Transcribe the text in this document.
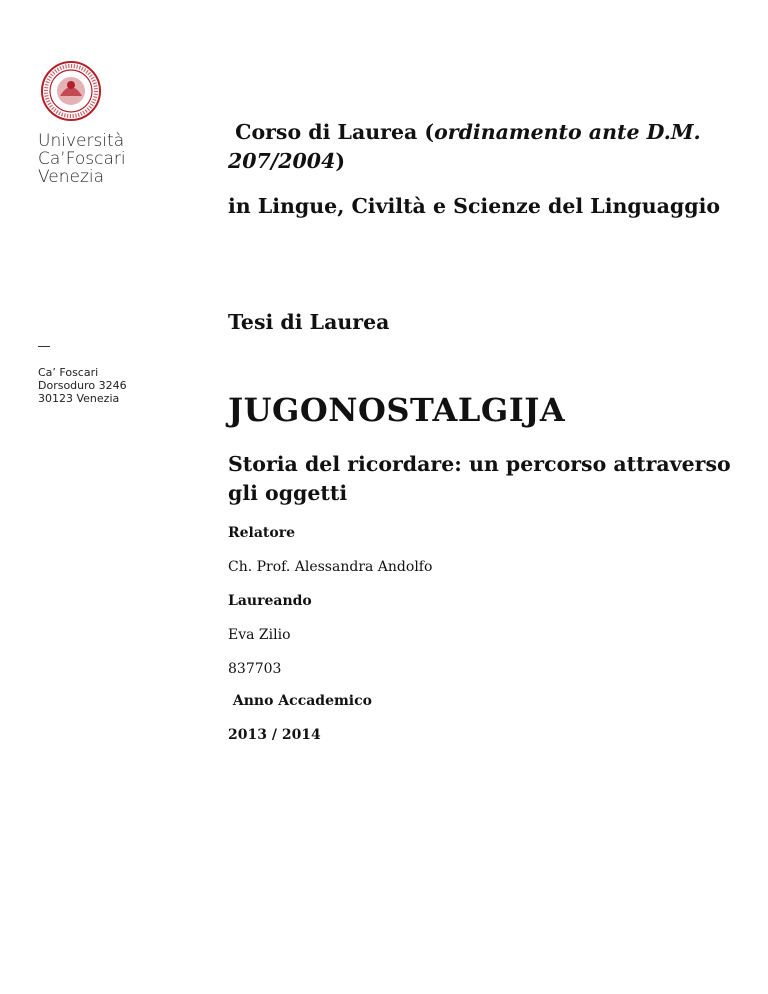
Università
Ca’Foscari
Venezia
Ca’ Foscari
Dorsoduro 3246
30123 Venezia
Corso di Laurea (ordinamento ante D.M. 207/2004)
in Lingue, Civiltà e Scienze del Linguaggio
Tesi di Laurea
JUGONOSTALGIJA
Storia del ricordare: un percorso attraverso gli oggetti
Relatore
Ch. Prof. Alessandra Andolfo
Laureando
Eva Zilio
837703
Anno Accademico
2013 / 2014
